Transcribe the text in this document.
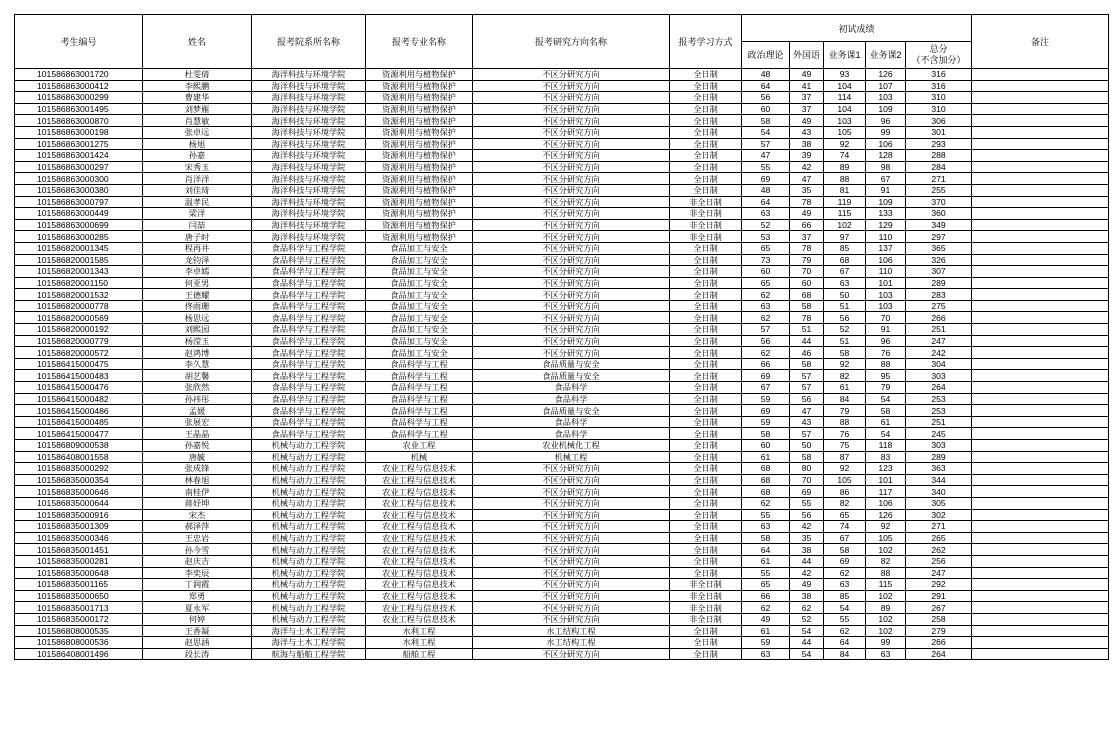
考生编号	姓名	报考院系所名称	报考专业名称	报考研究方向名称	报考学习方式	初试成绩					备注
						政治理论	外国语	业务课1	业务课2	总分
（不含加分）	

101586863001720	杜雯倩	海洋科技与环境学院	资源利用与植物保护	不区分研究方向	全日制	48	49	93	126	316	
101586863000412	李熙鹏	海洋科技与环境学院	资源利用与植物保护	不区分研究方向	全日制	64	41	104	107	316	
101586863000299	曹建华	海洋科技与环境学院	资源利用与植物保护	不区分研究方向	全日制	56	37	114	103	310	
101586863001495	刘梦雁	海洋科技与环境学院	资源利用与植物保护	不区分研究方向	全日制	60	37	104	109	310	
101586863000870	肖慧敏	海洋科技与环境学院	资源利用与植物保护	不区分研究方向	全日制	58	49	103	96	306	
101586863000198	张卓远	海洋科技与环境学院	资源利用与植物保护	不区分研究方向	全日制	54	43	105	99	301	
101586863001275	杨旭	海洋科技与环境学院	资源利用与植物保护	不区分研究方向	全日制	57	38	92	106	293	
101586863001424	孙嘉	海洋科技与环境学院	资源利用与植物保护	不区分研究方向	全日制	47	39	74	128	288	
101586863000297	宋秀玉	海洋科技与环境学院	资源利用与植物保护	不区分研究方向	全日制	55	42	89	98	284	
101586863000300	肖洋洋	海洋科技与环境学院	资源利用与植物保护	不区分研究方向	全日制	69	47	88	67	271	
101586863000380	刘佳琦	海洋科技与环境学院	资源利用与植物保护	不区分研究方向	全日制	48	35	81	91	255	
101586863000797	温孝民	海洋科技与环境学院	资源利用与植物保护	不区分研究方向	非全日制	64	78	119	109	370	
101586863000449	梁洋	海洋科技与环境学院	资源利用与植物保护	不区分研究方向	非全日制	63	49	115	133	360	
101586863000699	闫喆	海洋科技与环境学院	资源利用与植物保护	不区分研究方向	非全日制	52	66	102	129	349	
101586863000285	唐子时	海洋科技与环境学院	资源利用与植物保护	不区分研究方向	非全日制	53	37	97	110	297	
101586820001345	程再井	食品科学与工程学院	食品加工与安全	不区分研究方向	全日制	65	78	85	137	365	
101586820001585	龙钧泽	食品科学与工程学院	食品加工与安全	不区分研究方向	全日制	73	79	68	106	326	
101586820001343	李卓嫣	食品科学与工程学院	食品加工与安全	不区分研究方向	全日制	60	70	67	110	307	
101586820001150	何亚男	食品科学与工程学院	食品加工与安全	不区分研究方向	全日制	65	60	63	101	289	
101586820001532	王德耀	食品科学与工程学院	食品加工与安全	不区分研究方向	全日制	62	68	50	103	283	
101586820000778	佟雨珊	食品科学与工程学院	食品加工与安全	不区分研究方向	全日制	63	58	51	103	275	
101586820000569	杨思远	食品科学与工程学院	食品加工与安全	不区分研究方向	全日制	62	78	56	70	266	
101586820000192	刘熙园	食品科学与工程学院	食品加工与安全	不区分研究方向	全日制	57	51	52	91	251	
101586820000779	杨滢玉	食品科学与工程学院	食品加工与安全	不区分研究方向	全日制	56	44	51	96	247	
101586820000572	赵鸿博	食品科学与工程学院	食品加工与安全	不区分研究方向	全日制	62	46	58	76	242	
101586415000475	李久慧	食品科学与工程学院	食品科学与工程	食品质量与安全	全日制	66	58	92	88	304	
101586415000483	胡艺馨	食品科学与工程学院	食品科学与工程	食品质量与安全	全日制	69	57	82	95	303	
101586415000476	张欣然	食品科学与工程学院	食品科学与工程	食品科学	全日制	67	57	61	79	264	
101586415000482	孙祎彤	食品科学与工程学院	食品科学与工程	食品科学	全日制	59	56	84	54	253	
101586415000486	孟媛	食品科学与工程学院	食品科学与工程	食品质量与安全	全日制	69	47	79	58	253	
101586415000485	张展宏	食品科学与工程学院	食品科学与工程	食品科学	全日制	59	43	88	61	251	
101586415000477	王晶晶	食品科学与工程学院	食品科学与工程	食品科学	全日制	58	57	76	54	245	
101586809000538	孙嘉悦	机械与动力工程学院	农业工程	农业机械化工程	全日制	60	50	75	118	303	
101586408001558	唐毓	机械与动力工程学院	机械	机械工程	全日制	61	58	87	83	289	
101586835000292	张成锋	机械与动力工程学院	农业工程与信息技术	不区分研究方向	全日制	68	80	92	123	363	
101586835000354	林春旭	机械与动力工程学院	农业工程与信息技术	不区分研究方向	全日制	68	70	105	101	344	
101586835000646	南桂伊	机械与动力工程学院	农业工程与信息技术	不区分研究方向	全日制	68	69	86	117	340	
101586835000644	蒋妤坤	机械与动力工程学院	农业工程与信息技术	不区分研究方向	全日制	62	55	82	106	305	
101586835000916	宋杰	机械与动力工程学院	农业工程与信息技术	不区分研究方向	全日制	55	56	65	126	302	
101586835001309	郝泽萍	机械与动力工程学院	农业工程与信息技术	不区分研究方向	全日制	63	42	74	92	271	
101586835000346	王忠岩	机械与动力工程学院	农业工程与信息技术	不区分研究方向	全日制	58	35	67	105	265	
101586835001451	孙今雪	机械与动力工程学院	农业工程与信息技术	不区分研究方向	全日制	64	38	58	102	262	
101586835000281	赵庆吉	机械与动力工程学院	农业工程与信息技术	不区分研究方向	全日制	61	44	69	82	256	
101586835000648	李奕辰	机械与动力工程学院	农业工程与信息技术	不区分研究方向	全日制	55	42	62	88	247	
101586835001165	丁润霞	机械与动力工程学院	农业工程与信息技术	不区分研究方向	非全日制	65	49	63	115	292	
101586835000650	郑勇	机械与动力工程学院	农业工程与信息技术	不区分研究方向	非全日制	66	38	85	102	291	
101586835001713	夏永军	机械与动力工程学院	农业工程与信息技术	不区分研究方向	非全日制	62	62	54	89	267	
101586835000172	何婷	机械与动力工程学院	农业工程与信息技术	不区分研究方向	非全日制	49	52	55	102	258	
101586808000535	王香凝	海洋与土木工程学院	水利工程	水工结构工程	全日制	61	54	62	102	279	
101586808000536	赵思涵	海洋与土木工程学院	水利工程	水工结构工程	全日制	59	44	64	99	266	
101586408001496	段长涛	航海与船舶工程学院	船舶工程	不区分研究方向	全日制	63	54	84	63	264	
